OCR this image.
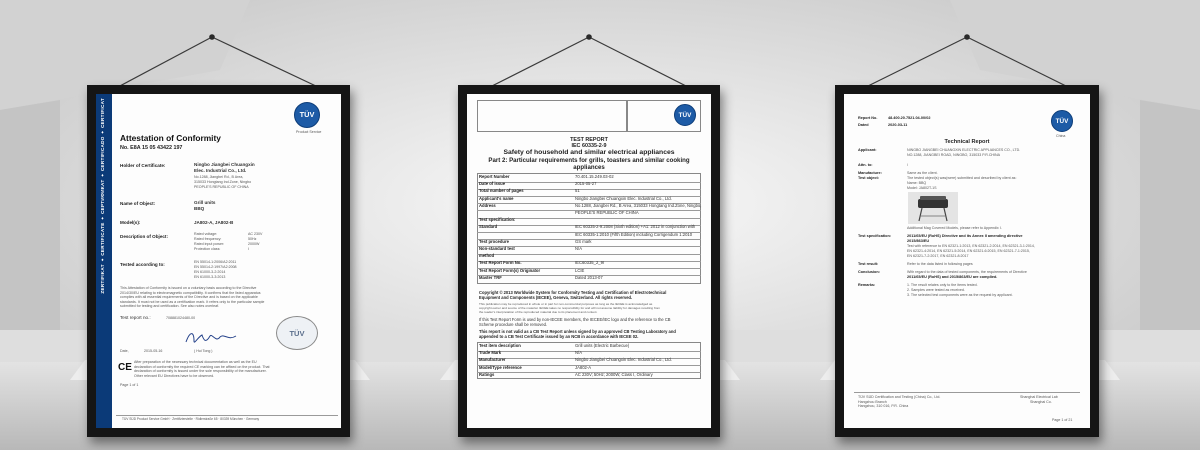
ZERTIFIKAT ♦ CERTIFICATE ♦ СЕРТИФИКАТ ♦ CERTIFICADO ♦ CERTIFICAT	TÜV
Product Service
Attestation of Conformity
No. E8A 15 05 43422 197
Holder of Certificate:	Ningbo Jiangbei Chuangxin
Elec. Industrial Co., Ltd.
No.1288, Jiangbei Rd., B Area,
315033 Hongtang Ind.Zone, Ningbo
PEOPLE'S REPUBLIC OF CHINA
Name of Object:	Grill units
BBQ
Model(s):	JA802-A, JA802-B
Description of Object:	Rated voltage:	AC 230V
Rated frequency:	50Hz
Rated input power:	2000W
Protection class:	I
Tested according to:	EN 55014-1:2006/A2:2011
EN 55014-2:1997/A2:2008
EN 61000-3-2:2014
EN 61000-3-3:2013
This Attestation of Conformity is issued on a voluntary basis according to the Directive
2014/30/EU relating to electromagnetic compatibility. It confirms that the listed apparatus
complies with all essential requirements of the Directive and is based on the applicable
standards. It must not be used as a certification mark. It refers only to the particular sample
submitted for testing and certification. See also notes overleaf.
Test report no.:	708881024480-00
Date,	2015-05-16	( Hui Tong )
TÜV
CE After preparation of the necessary technical documentation as well as the EU
declaration of conformity the required CE marking can be affixed on the product. That
declaration of conformity is issued under the sole responsibility of the manufacturer.
Other relevant EU Directives have to be observed.
Page 1 of 1
TÜV SÜD Product Service GmbH · Zertifizierstelle · Ridlerstraße 65 · 80339 München · Germany
TÜV
TEST REPORT
IEC 60335-2-9
Safety of household and similar electrical appliances
Part 2: Particular requirements for grills, toasters and similar cooking
appliances
Report Number	70.401.15.249.03-02
Date of issue	2015-05-27
Total number of pages	51
Applicant's name	Ningbo Jiangbei Chuangxin Elec. Industrial Co., Ltd.
Address	No.1288, Jiangbei Rd., B Area, 315033 Hongtang Ind.Zone, Ningbo,
PEOPLE'S REPUBLIC OF CHINA
Test specification:
Standard	IEC 60335-2-9:2008 (Sixth edition) +A1: 2012 in conjunction with
IEC 60335-1:2010 (Fifth Edition) including Corrigendum 1:2010
Test procedure	GS mark
Non-standard test	N/A
method
Test Report Form No.	IEC60335_2_9I
Test Report Form(s) Originator	LCIE
Master TRF	Dated 2013-07
Copyright © 2013 Worldwide System for Conformity Testing and Certification of Electrotechnical
Equipment and Components (IECEE), Geneva, Switzerland. All rights reserved.
This publication may be reproduced in whole or in part for non-commercial purposes as long as the IECEE is acknowledged as
copyright owner and source of the material. IECEE takes no responsibility for and will not assume liability for damages resulting from
the reader's interpretation of the reproduced material due to its placement and context.
If this Test Report Form is used by non-IECEE members, the IECEE/IEC logo and the reference to the CB
Scheme procedure shall be removed.
This report is not valid as a CB Test Report unless signed by an approved CB Testing Laboratory and
appended to a CB Test Certificate issued by an NCB in accordance with IECEE 02.
Test item description	Grill units (Electric Barbecue)
Trade Mark	N/A
Manufacturer	Ningbo Jiangbei Chuangxin Elec. Industrial Co., Ltd.
Model/Type reference	JA802-A
Ratings	AC 230V; 50Hz; 2000W; Class I, Ordinary
Report No.	48.400.20.7521.04-00/02
Dated	2020-03-11
TÜV
China
Technical Report
Applicant:	NINGBO JIANGBEI CHUANGXIN ELECTRIC APPLIANCES CO., LTD.
NO.1288, JIANGBEI ROAD, NINGBO, 315033 P.R.CHINA
Attn. to:	/
Manufacture:	Same as the client.
Test object:	The tested object(s) was(were) submitted and described by client as:
Name: BBQ
Model: JA802T-1S
Additional Mag Covered Models, please refer to Appendix I.
Test specification:	2011/65/EU (RoHS) Directive and its Annex II amending directive
2015/863/EU
Test with reference to EN 62321-1:2013, EN 62321-2:2014, EN 62321-3-1:2014,
EN 62321-4:2014, EN 62321-5:2014, EN 62321-6:2015, EN 62321-7-1:2015,
EN 62321-7-2:2017, EN 62321-8:2017
Test result:	Refer to the data listed in following pages
Conclusion:	With regard to the data of tested components, the requirements of Directive
2011/65/EU (RoHS) and 2015/863/EU are complied.
Remarks:	1. The result relates only to the items tested.
2. Samples were tested as received.
3. The selected test components were as the request by applicant.
TÜV SÜD Certification and Testing (China) Co., Ltd.
Hangzhou Branch
Hangzhou, 310 016, P.R. China
Shanghai Electrical Lab
Shanghai Co.
Page 1 of 21
